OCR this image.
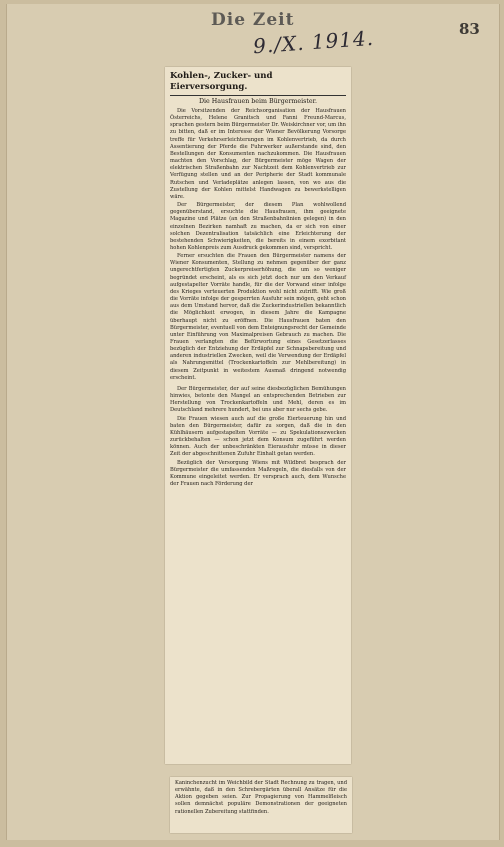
Die Zeit	83
9./X. 1914.
Kohlen-, Zucker- und Eierversorgung.
Die Hausfrauen beim Bürgermeister.

Die Vorsitzenden der Reichsorganisation der Hausfrauen Österreichs, Helene Granitsch und Fanni Freund-Marcus, sprachen gestern beim Bürgermeister Dr. Weiskirchner vor, um ihn zu bitten, daß er im Interesse der Wiener Bevölkerung Vorsorge treffe für Verkehrserleichterungen im Kohlenvertrieb, da durch Assentierung der Pferde die Fuhrwerker außerstande sind, den Bestellungen der Konsumenten nachzukommen. Die Hausfrauen machten den Vorschlag, der Bürgermeister möge Wagen der elektrischen Straßenbahn zur Nachtzeit dem Kohlenvertrieb zur Verfügung stellen und an der Peripherie der Stadt kommunale Rutschen und Verladeplätze anlegen lassen, von wo aus die Zustellung der Kohlen mittelst Handwagen zu bewerkstelligen wäre.

Der Bürgermeister, der diesem Plan wohlwollend gegenüberstand, ersuchte die Hausfrauen, ihm geeignete Magazine und Plätze (an den Straßenbahnlinien gelegen) in den einzelnen Bezirken namhaft zu machen, da er sich von einer solchen Dezentralisation tatsächlich eine Erleichterung der bestehenden Schwierigkeiten, die bereits in einem exorbitant hohen Kohlenpreis zum Ausdruck gekommen sind, verspricht.

Ferner ersuchten die Frauen den Bürgermeister namens der Wiener Konsumenten, Stellung zu nehmen gegenüber der ganz ungerechtfertigten Zuckerpreiserhöhung, die um so weniger begründet erscheint, als es sich jetzt doch nur um den Verkauf aufgestapelter Vorräte handle, für die der Vorwand einer infolge des Krieges verteuerten Produktion wohl nicht zutrifft. Wie groß die Vorräte infolge der gesperrten Ausfuhr sein mögen, geht schon aus dem Umstand hervor, daß die Zuckerindustriellen bekanntlich die Möglichkeit erwogen, in diesem Jahre die Kampagne überhaupt nicht zu eröffnen. Die Hausfrauen baten den Bürgermeister, eventuell von dem Enteignungsrecht der Gemeinde unter Einführung von Maximalpreisen Gebrauch zu machen. Die Frauen verlangten die Befürwortung eines Gesetzerlasses bezüglich der Entziehung der Erdäpfel zur Schnapsbereitung und anderen industriellen Zwecken, weil die Verwendung der Erdäpfel als Nahrungsmittel (Trockenkartoffeln zur Mehlbereitung) in diesem Zeitpunkt in weitestem Ausmaß dringend notwendig erscheint.

Der Bürgermeister, der auf seine diesbezüglichen Bemühungen hinwies, betonte den Mangel an entsprechenden Betrieben zur Herstellung von Trockenkartoffeln und Mehl, deren es im Deutschland mehrere hundert, bei uns aber nur sechs gebe.

Die Frauen wiesen auch auf die große Eierteuerung hin und baten den Bürgermeister, dafür zu sorgen, daß die in den Kühlhäusern aufgestapelten Vorräte — zu Spekulationszwecken zurückbehalten — schon jetzt dem Konsum zugeführt werden können. Auch der unbeschränkten Eierausfuhr müsse in dieser Zeit der abgeschnittenen Zufuhr Einhalt getan werden.

Bezüglich der Versorgung Wiens mit Wildbret besprach der Bürgermeister die umfassenden Maßregeln, die diesfalls von der Kommune eingeleitet werden. Er versprach auch, dem Wunsche der Frauen nach Förderung der

Kaninchenzucht im Weichbild der Stadt Rechnung zu tragen, und erwähnte, daß in den Schrebergärten überall Ansätze für die Aktion gegeben seien. Zur Propagierung von Hammelfleisch sollen demnächst populäre Demonstrationen der geeigneten rationellen Zubereitung stattfinden.
